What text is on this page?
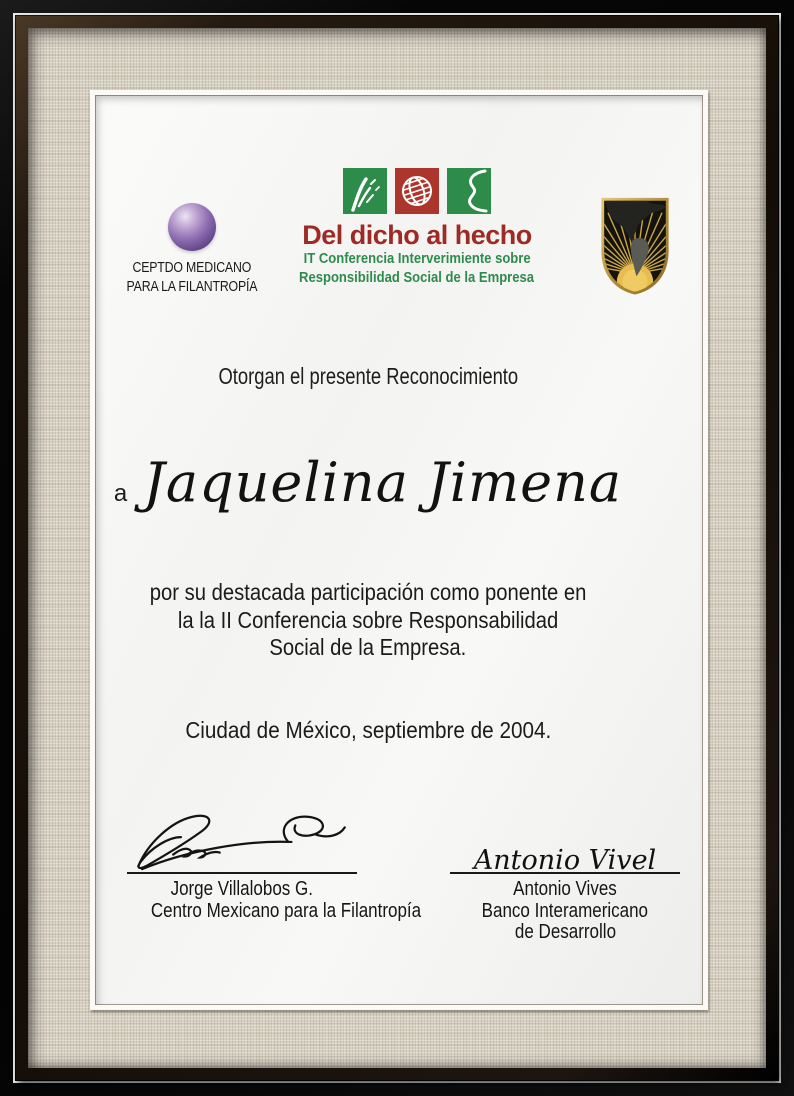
CEPTDO MEDICANO
PARA LA FILANTROPÍA
Del dicho al hecho
IT Conferencia Interverimiente sobre
Responsibilidad Social de la Empresa
Otorgan el presente Reconocimiento
a Jaquelina Jimena
por su destacada participación como ponente en
la la II Conferencia sobre Responsabilidad
Social de la Empresa.
Ciudad de México, septiembre de 2004.
Jorge Villalobos G.
Centro Mexicano para la Filantropía
Antonio Vivel
Antonio Vives
Banco Interamericano
de Desarrollo
